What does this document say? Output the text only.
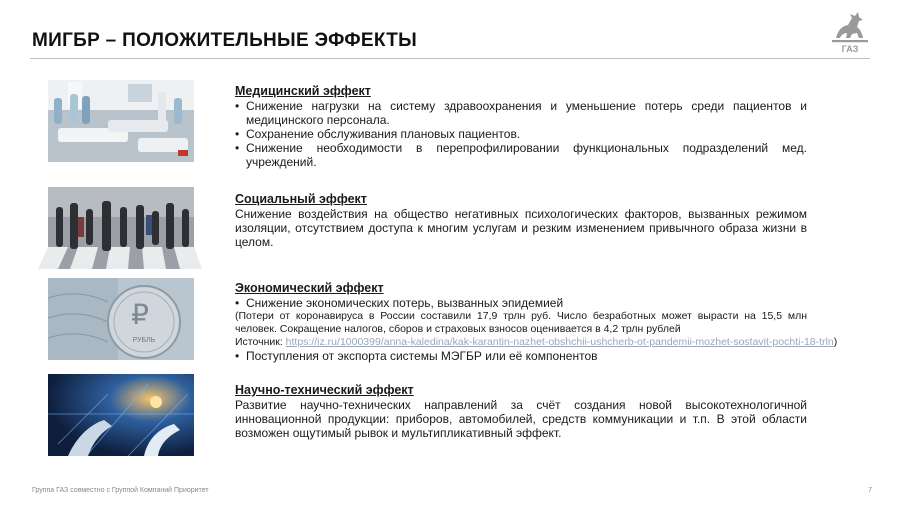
МИГБР – ПОЛОЖИТЕЛЬНЫЕ ЭФФЕКТЫ	ГАЗ
₽
РУБЛЬ
Медицинский эффект
• Снижение нагрузки на систему здравоохранения и уменьшение потерь среди пациентов и медицинского персонала.
• Сохранение обслуживания плановых пациентов.
• Снижение необходимости в перепрофилировании функциональных подразделений мед. учреждений.
Социальный эффект
Снижение воздействия на общество негативных психологических факторов, вызванных режимом изоляции, отсутствием доступа к многим услугам и резким изменением привычного образа жизни в целом.
Экономический эффект
• Снижение экономических потерь, вызванных эпидемией
(Потери от коронавируса в России составили 17,9 трлн руб. Число безработных может вырасти на 15,5 млн человек. Сокращение налогов, сборов и страховых взносов оценивается в 4,2 трлн рублей
Источник: https://iz.ru/1000399/anna-kaledina/kak-karantin-nazhet-obshchii-ushcherb-ot-pandemii-mozhet-sostavit-pochti-18-trln)
• Поступления от экспорта системы МЭГБР или её компонентов
Научно-технический эффект
Развитие научно-технических направлений за счёт создания новой высокотехнологичной инновационной продукции: приборов, автомобилей, средств коммуникации и т.п. В этой области возможен ощутимый рывок и мультипликативный эффект.
Группа ГАЗ совместно с Группой Компаний Приоритет	7
